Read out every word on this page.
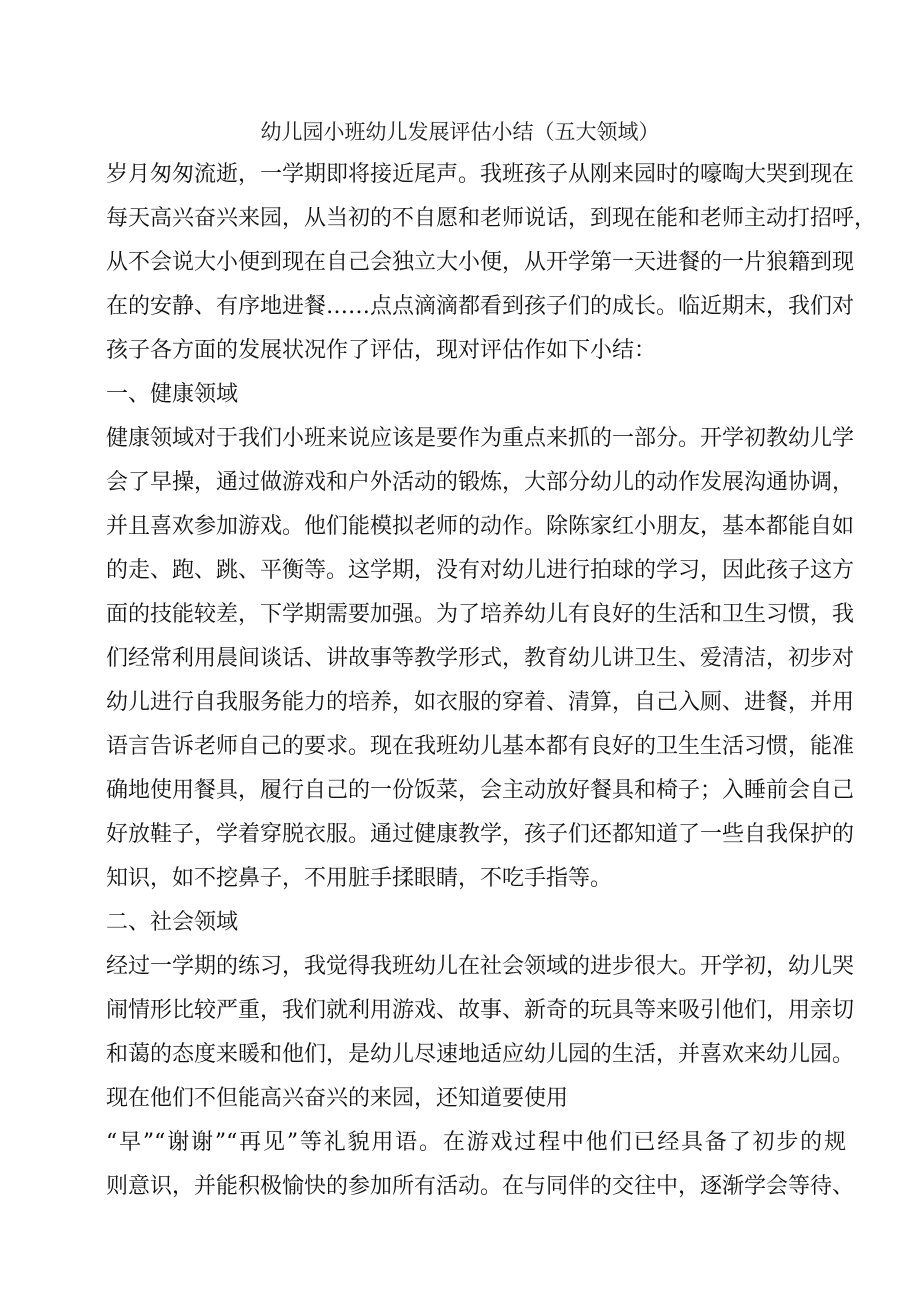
幼儿园小班幼儿发展评估小结（五大领域）
岁月匆匆流逝，一学期即将接近尾声。我班孩子从刚来园时的嚎啕大哭到现在
每天高兴奋兴来园，从当初的不自愿和老师说话，到现在能和老师主动打招呼，
从不会说大小便到现在自己会独立大小便，从开学第一天进餐的一片狼籍到现
在的安静、有序地进餐……点点滴滴都看到孩子们的成长。临近期末，我们对
孩子各方面的发展状况作了评估，现对评估作如下小结：
一、健康领域
健康领域对于我们小班来说应该是要作为重点来抓的一部分。开学初教幼儿学
会了早操，通过做游戏和户外活动的锻炼，大部分幼儿的动作发展沟通协调，
并且喜欢参加游戏。他们能模拟老师的动作。除陈家红小朋友，基本都能自如
的走、跑、跳、平衡等。这学期，没有对幼儿进行拍球的学习，因此孩子这方
面的技能较差，下学期需要加强。为了培养幼儿有良好的生活和卫生习惯，我
们经常利用晨间谈话、讲故事等教学形式，教育幼儿讲卫生、爱清洁，初步对
幼儿进行自我服务能力的培养，如衣服的穿着、清算，自己入厕、进餐，并用
语言告诉老师自己的要求。现在我班幼儿基本都有良好的卫生生活习惯，能准
确地使用餐具，履行自己的一份饭菜，会主动放好餐具和椅子；入睡前会自己
好放鞋子，学着穿脱衣服。通过健康教学，孩子们还都知道了一些自我保护的
知识，如不挖鼻子，不用脏手揉眼睛，不吃手指等。
二、社会领域
经过一学期的练习，我觉得我班幼儿在社会领域的进步很大。开学初，幼儿哭
闹情形比较严重，我们就利用游戏、故事、新奇的玩具等来吸引他们，用亲切
和蔼的态度来暖和他们，是幼儿尽速地适应幼儿园的生活，并喜欢来幼儿园。
现在他们不但能高兴奋兴的来园，还知道要使用
“早”“谢谢”“再见”等礼貌用语。在游戏过程中他们已经具备了初步的规
则意识，并能积极愉快的参加所有活动。在与同伴的交往中，逐渐学会等待、
